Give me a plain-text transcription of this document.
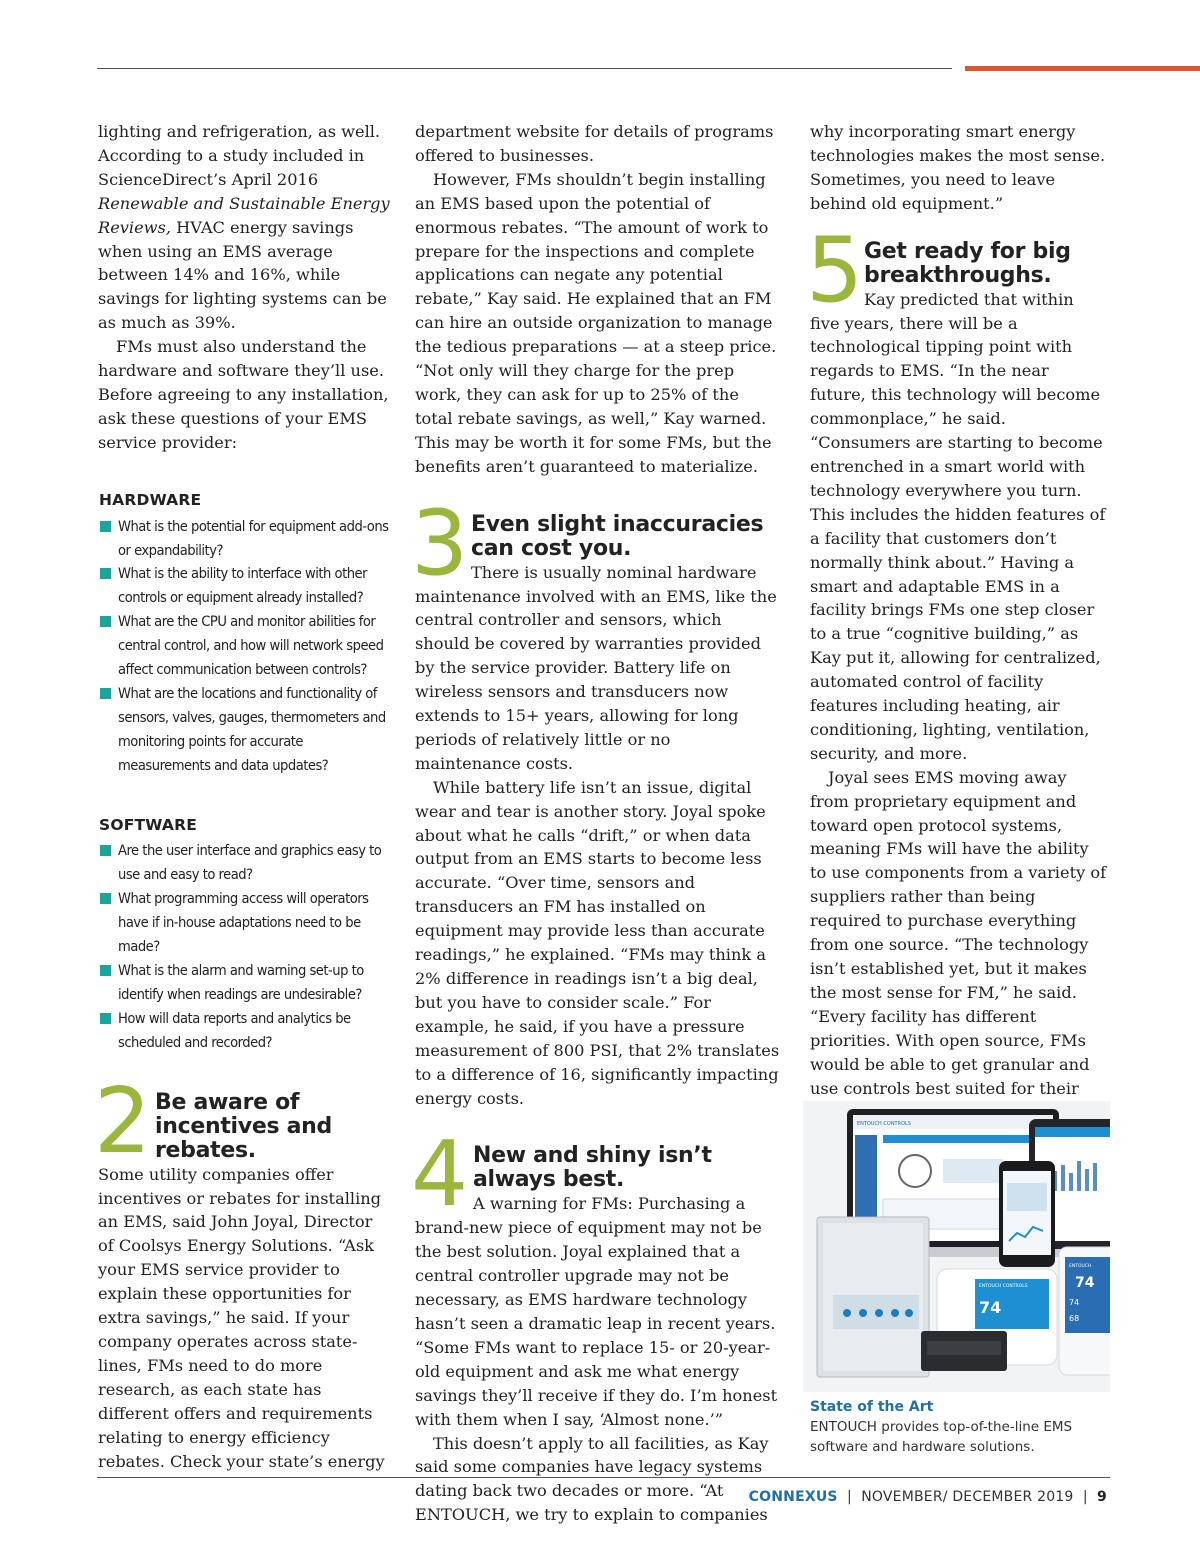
lighting and refrigeration, as well. According to a study included in ScienceDirect’s April 2016 Renewable and Sustainable Energy Reviews, HVAC energy savings when using an EMS average between 14% and 16%, while savings for lighting systems can be as much as 39%.

FMs must also understand the hardware and software they’ll use. Before agreeing to any installation, ask these questions of your EMS service provider:

HARDWARE
What is the potential for equipment add-ons or expandability?
What is the ability to interface with other controls or equipment already installed?
What are the CPU and monitor abilities for central control, and how will network speed affect communication between controls?
What are the locations and functionality of sensors, valves, gauges, thermometers and monitoring points for accurate measurements and data updates?
SOFTWARE
Are the user interface and graphics easy to use and easy to read?
What programming access will operators have if in-house adaptations need to be made?
What is the alarm and warning set-up to identify when readings are undesirable?
How will data reports and analytics be scheduled and recorded?
2 Be aware of incentives and rebates.

Some utility companies offer incentives or rebates for installing an EMS, said John Joyal, Director of Coolsys Energy Solutions. “Ask your EMS service provider to explain these opportunities for extra savings,” he said. If your company operates across state-lines, FMs need to do more research, as each state has different offers and requirements relating to energy efficiency rebates. Check your state’s energy

department website for details of programs offered to businesses.

However, FMs shouldn’t begin installing an EMS based upon the potential of enormous rebates. “The amount of work to prepare for the inspections and complete applications can negate any potential rebate,” Kay said. He explained that an FM can hire an outside organization to manage the tedious preparations — at a steep price. “Not only will they charge for the prep work, they can ask for up to 25% of the total rebate savings, as well,” Kay warned. This may be worth it for some FMs, but the benefits aren’t guaranteed to materialize.

3 Even slight inaccuracies can cost you.

There is usually nominal hardware maintenance involved with an EMS, like the central controller and sensors, which should be covered by warranties provided by the service provider. Battery life on wireless sensors and transducers now extends to 15+ years, allowing for long periods of relatively little or no maintenance costs.

While battery life isn’t an issue, digital wear and tear is another story. Joyal spoke about what he calls “drift,” or when data output from an EMS starts to become less accurate. “Over time, sensors and transducers an FM has installed on equipment may provide less than accurate readings,” he explained. “FMs may think a 2% difference in readings isn’t a big deal, but you have to consider scale.” For example, he said, if you have a pressure measurement of 800 PSI, that 2% translates to a difference of 16, significantly impacting energy costs.

4 New and shiny isn’t always best.

A warning for FMs: Purchasing a brand-new piece of equipment may not be the best solution. Joyal explained that a central controller upgrade may not be necessary, as EMS hardware technology hasn’t seen a dramatic leap in recent years. “Some FMs want to replace 15- or 20-year-old equipment and ask me what energy savings they’ll receive if they do. I’m honest with them when I say, ‘Almost none.’”

This doesn’t apply to all facilities, as Kay said some companies have legacy systems dating back two decades or more. “At ENTOUCH, we try to explain to companies

why incorporating smart energy technologies makes the most sense. Sometimes, you need to leave behind old equipment.”

5 Get ready for big breakthroughs.

Kay predicted that within five years, there will be a technological tipping point with regards to EMS. “In the near future, this technology will become commonplace,” he said. “Consumers are starting to become entrenched in a smart world with technology everywhere you turn. This includes the hidden features of a facility that customers don’t normally think about.” Having a smart and adaptable EMS in a facility brings FMs one step closer to a true “cognitive building,” as Kay put it, allowing for centralized, automated control of facility features including heating, air conditioning, lighting, ventilation, security, and more.

Joyal sees EMS moving away from proprietary equipment and toward open protocol systems, meaning FMs will have the ability to use components from a variety of suppliers rather than being required to purchase everything from one source. “The technology isn’t established yet, but it makes the most sense for FM,” he said. “Every facility has different priorities. With open source, FMs would be able to get granular and use controls best suited for their

ENTOUCH CONTROLS
ENTOUCH CONTROLS
74
ENTOUCH
74
74
68
State of the Art
ENTOUCH provides top-of-the-line EMS software and hardware solutions.
CONNEXUS  |  NOVEMBER/ DECEMBER 2019  |  9
